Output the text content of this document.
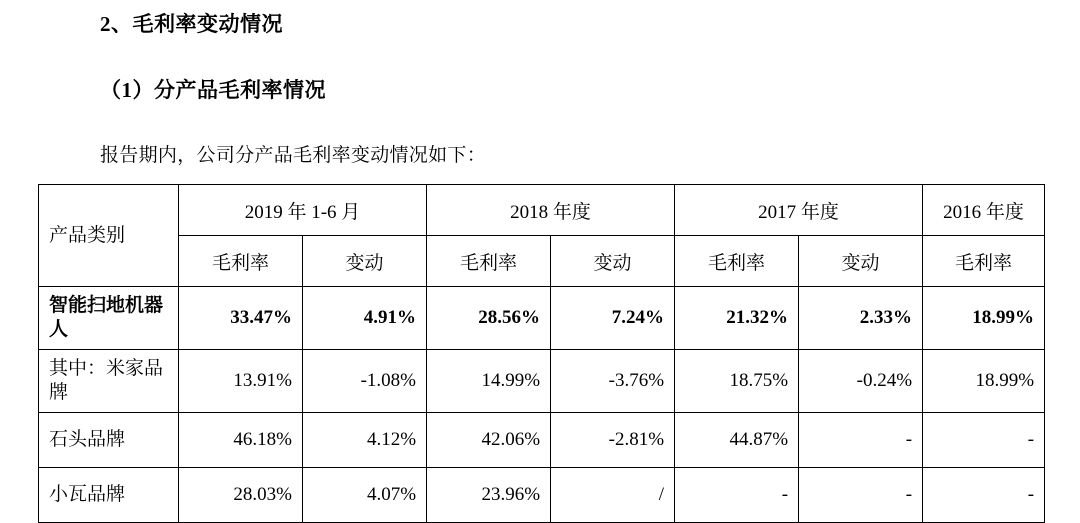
2、毛利率变动情况
（1）分产品毛利率情况
报告期内，公司分产品毛利率变动情况如下：
产品类别	2019 年 1-6 月		2018 年度		2017 年度		2016 年度
	毛利率	变动	毛利率	变动	毛利率	变动	毛利率
智能扫地机器人	33.47%	4.91%	28.56%	7.24%	21.32%	2.33%	18.99%
其中：米家品牌	13.91%	-1.08%	14.99%	-3.76%	18.75%	-0.24%	18.99%
石头品牌	46.18%	4.12%	42.06%	-2.81%	44.87%	-	-
小瓦品牌	28.03%	4.07%	23.96%	/	-	-	-
